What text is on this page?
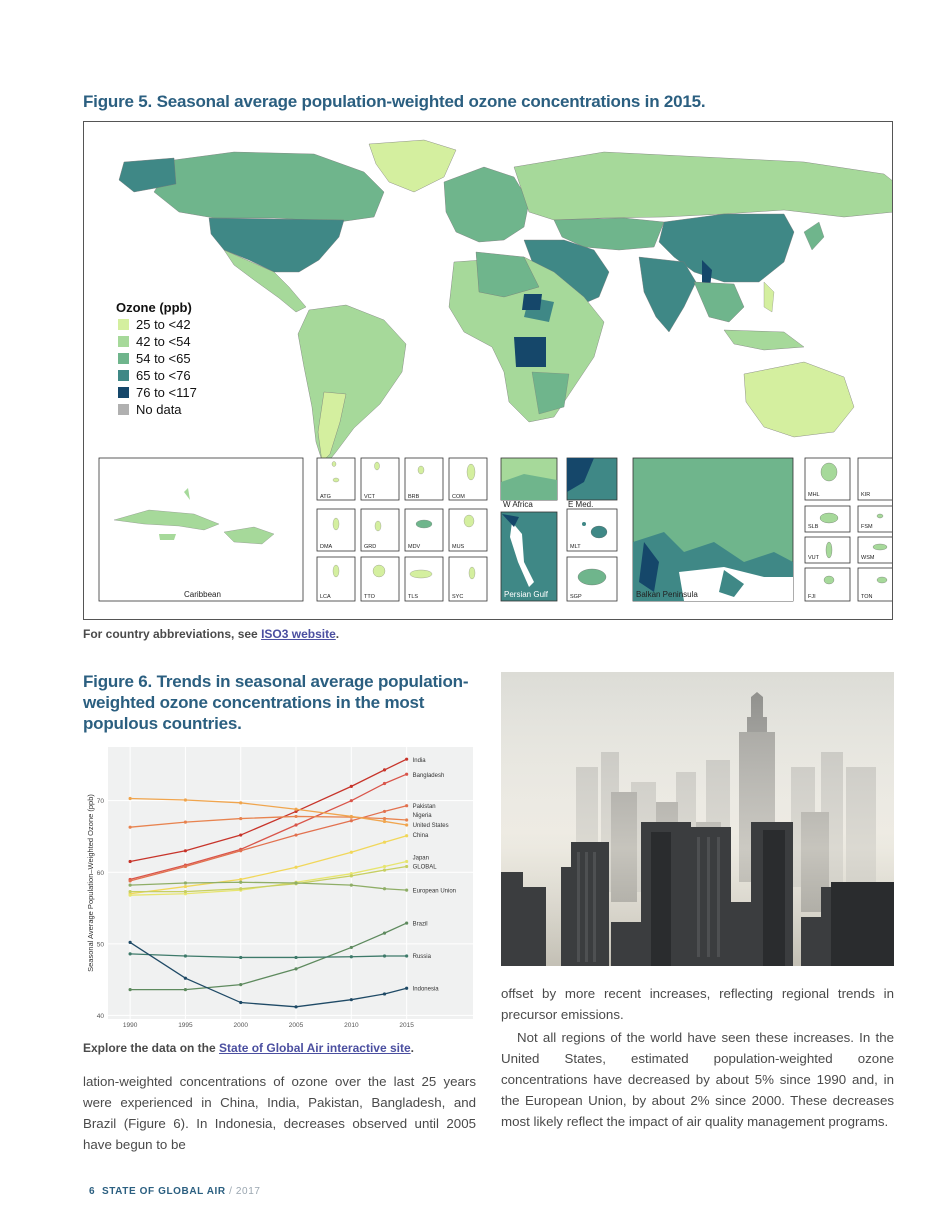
Figure 5. Seasonal average population-weighted ozone concentrations in 2015.
Ozone (ppb)
25 to <42
42 to <54
54 to <65
65 to <76
76 to <117
No data
Caribbean
ATG	VCT	BRB	COM
DMA	GRD	MDV	MUS
LCA	TTO	TLS	SYC
W Africa	E Med.
Persian Gulf
MLT
SGP	Balkan Peninsula
MHL	KIR
SLB	FSM
VUT	WSM
FJI	TON
For country abbreviations, see ISO3 website.
Figure 6. Trends in seasonal average population-weighted ozone concentrations in the most populous countries.
40
50
60
70
1990	1995	2000	2005	2010	2015
India
Bangladesh
Pakistan
Nigeria
United States
China
Japan
GLOBAL
European Union
Brazil
Russia
Indonesia
Seasonal Average Population–Weighted Ozone (ppb)
Explore the data on the State of Global Air interactive site.
lation-weighted concentrations of ozone over the last 25 years were experienced in China, India, Pakistan, Bangladesh, and Brazil (Figure 6). In Indonesia, decreases observed until 2005 have begun to be

offset by more recent increases, reflecting regional trends in precursor emissions.

Not all regions of the world have seen these increases. In the United States, estimated population-weighted ozone concentrations have decreased by about 5% since 1990 and, in the European Union, by about 2% since 2000. These decreases most likely reflect the impact of air quality management programs.

6 STATE OF GLOBAL AIR / 2017
